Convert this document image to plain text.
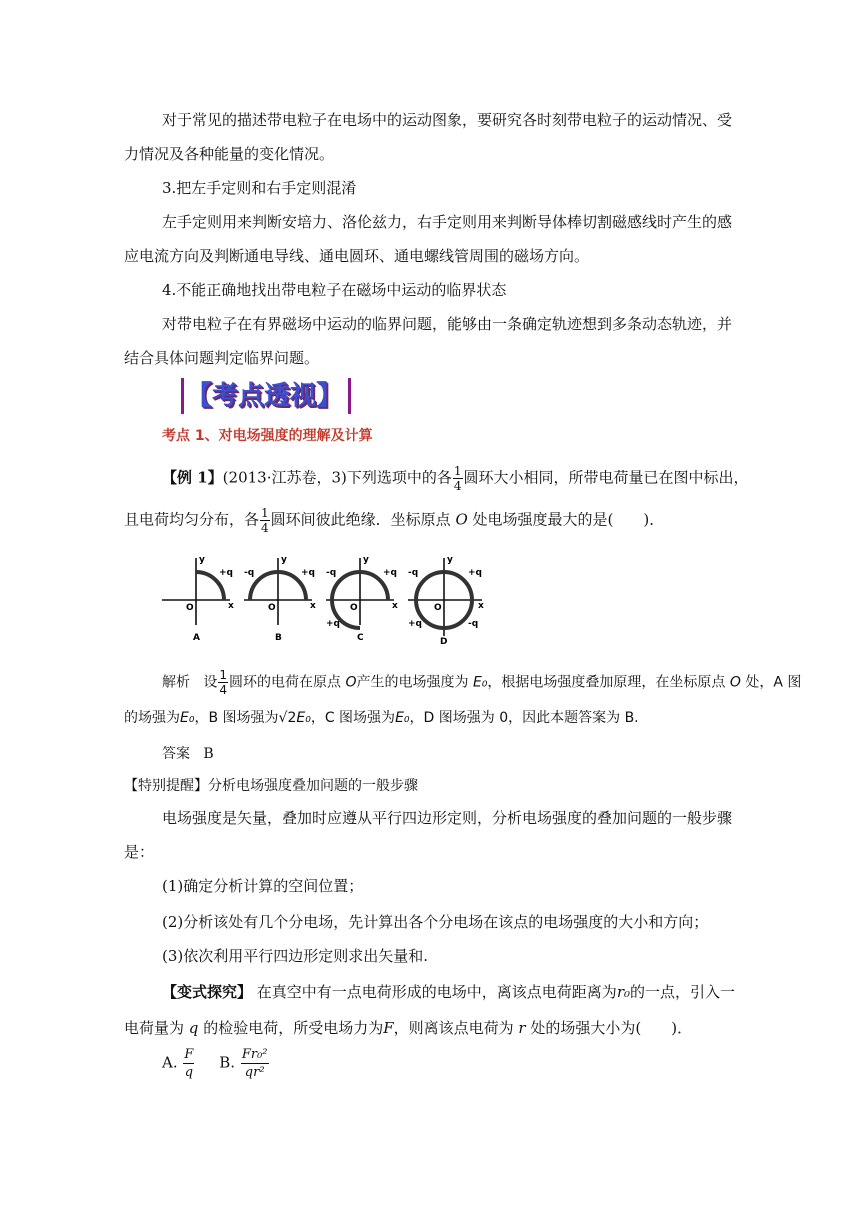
对于常见的描述带电粒子在电场中的运动图象，要研究各时刻带电粒子的运动情况、受
力情况及各种能量的变化情况。
3.把左手定则和右手定则混淆
左手定则用来判断安培力、洛伦兹力，右手定则用来判断导体棒切割磁感线时产生的感
应电流方向及判断通电导线、通电圆环、通电螺线管周围的磁场方向。
4.不能正确地找出带电粒子在磁场中运动的临界状态
对带电粒子在有界磁场中运动的临界问题，能够由一条确定轨迹想到多条动态轨迹，并
结合具体问题判定临界问题。
【考点透视】
考点 1、对电场强度的理解及计算
【例 1】(2013·江苏卷，3)下列选项中的各 $\frac{1}{4}$ 圆环大小相同，所带电荷量已在图中标出，
且电荷均匀分布，各 $\frac{1}{4}$ 圆环间彼此绝缘．坐标原点 O 处电场强度最大的是(　　)．
y
x
O
+q
A
y
x
O
-q	+q
B
y
x
O
-q	+q
+q
C
y
x
O
-q	+q
+q	-q
D
解析 设 $\frac{1}{4}$ 圆环的电荷在原点 O产生的电场强度为 E₀，根据电场强度叠加原理，在坐标原点 O 处，A 图
的场强为E₀，B 图场强为√2E₀，C 图场强为E₀，D 图场强为 0，因此本题答案为 B.
答案 B
【特别提醒】分析电场强度叠加问题的一般步骤
电场强度是矢量，叠加时应遵从平行四边形定则，分析电场强度的叠加问题的一般步骤
是：
(1)确定分析计算的空间位置；
(2)分析该处有几个分电场，先计算出各个分电场在该点的电场强度的大小和方向；
(3)依次利用平行四边形定则求出矢量和.
【变式探究】 在真空中有一点电荷形成的电场中，离该点电荷距离为r₀的一点，引入一
电荷量为 q 的检验电荷，所受电场力为F，则离该点电荷为 r 处的场强大小为(　　)．
A. $\frac{F}{q} B$. $\frac{\text{Fr₀²}}{\text{qr²}}$
